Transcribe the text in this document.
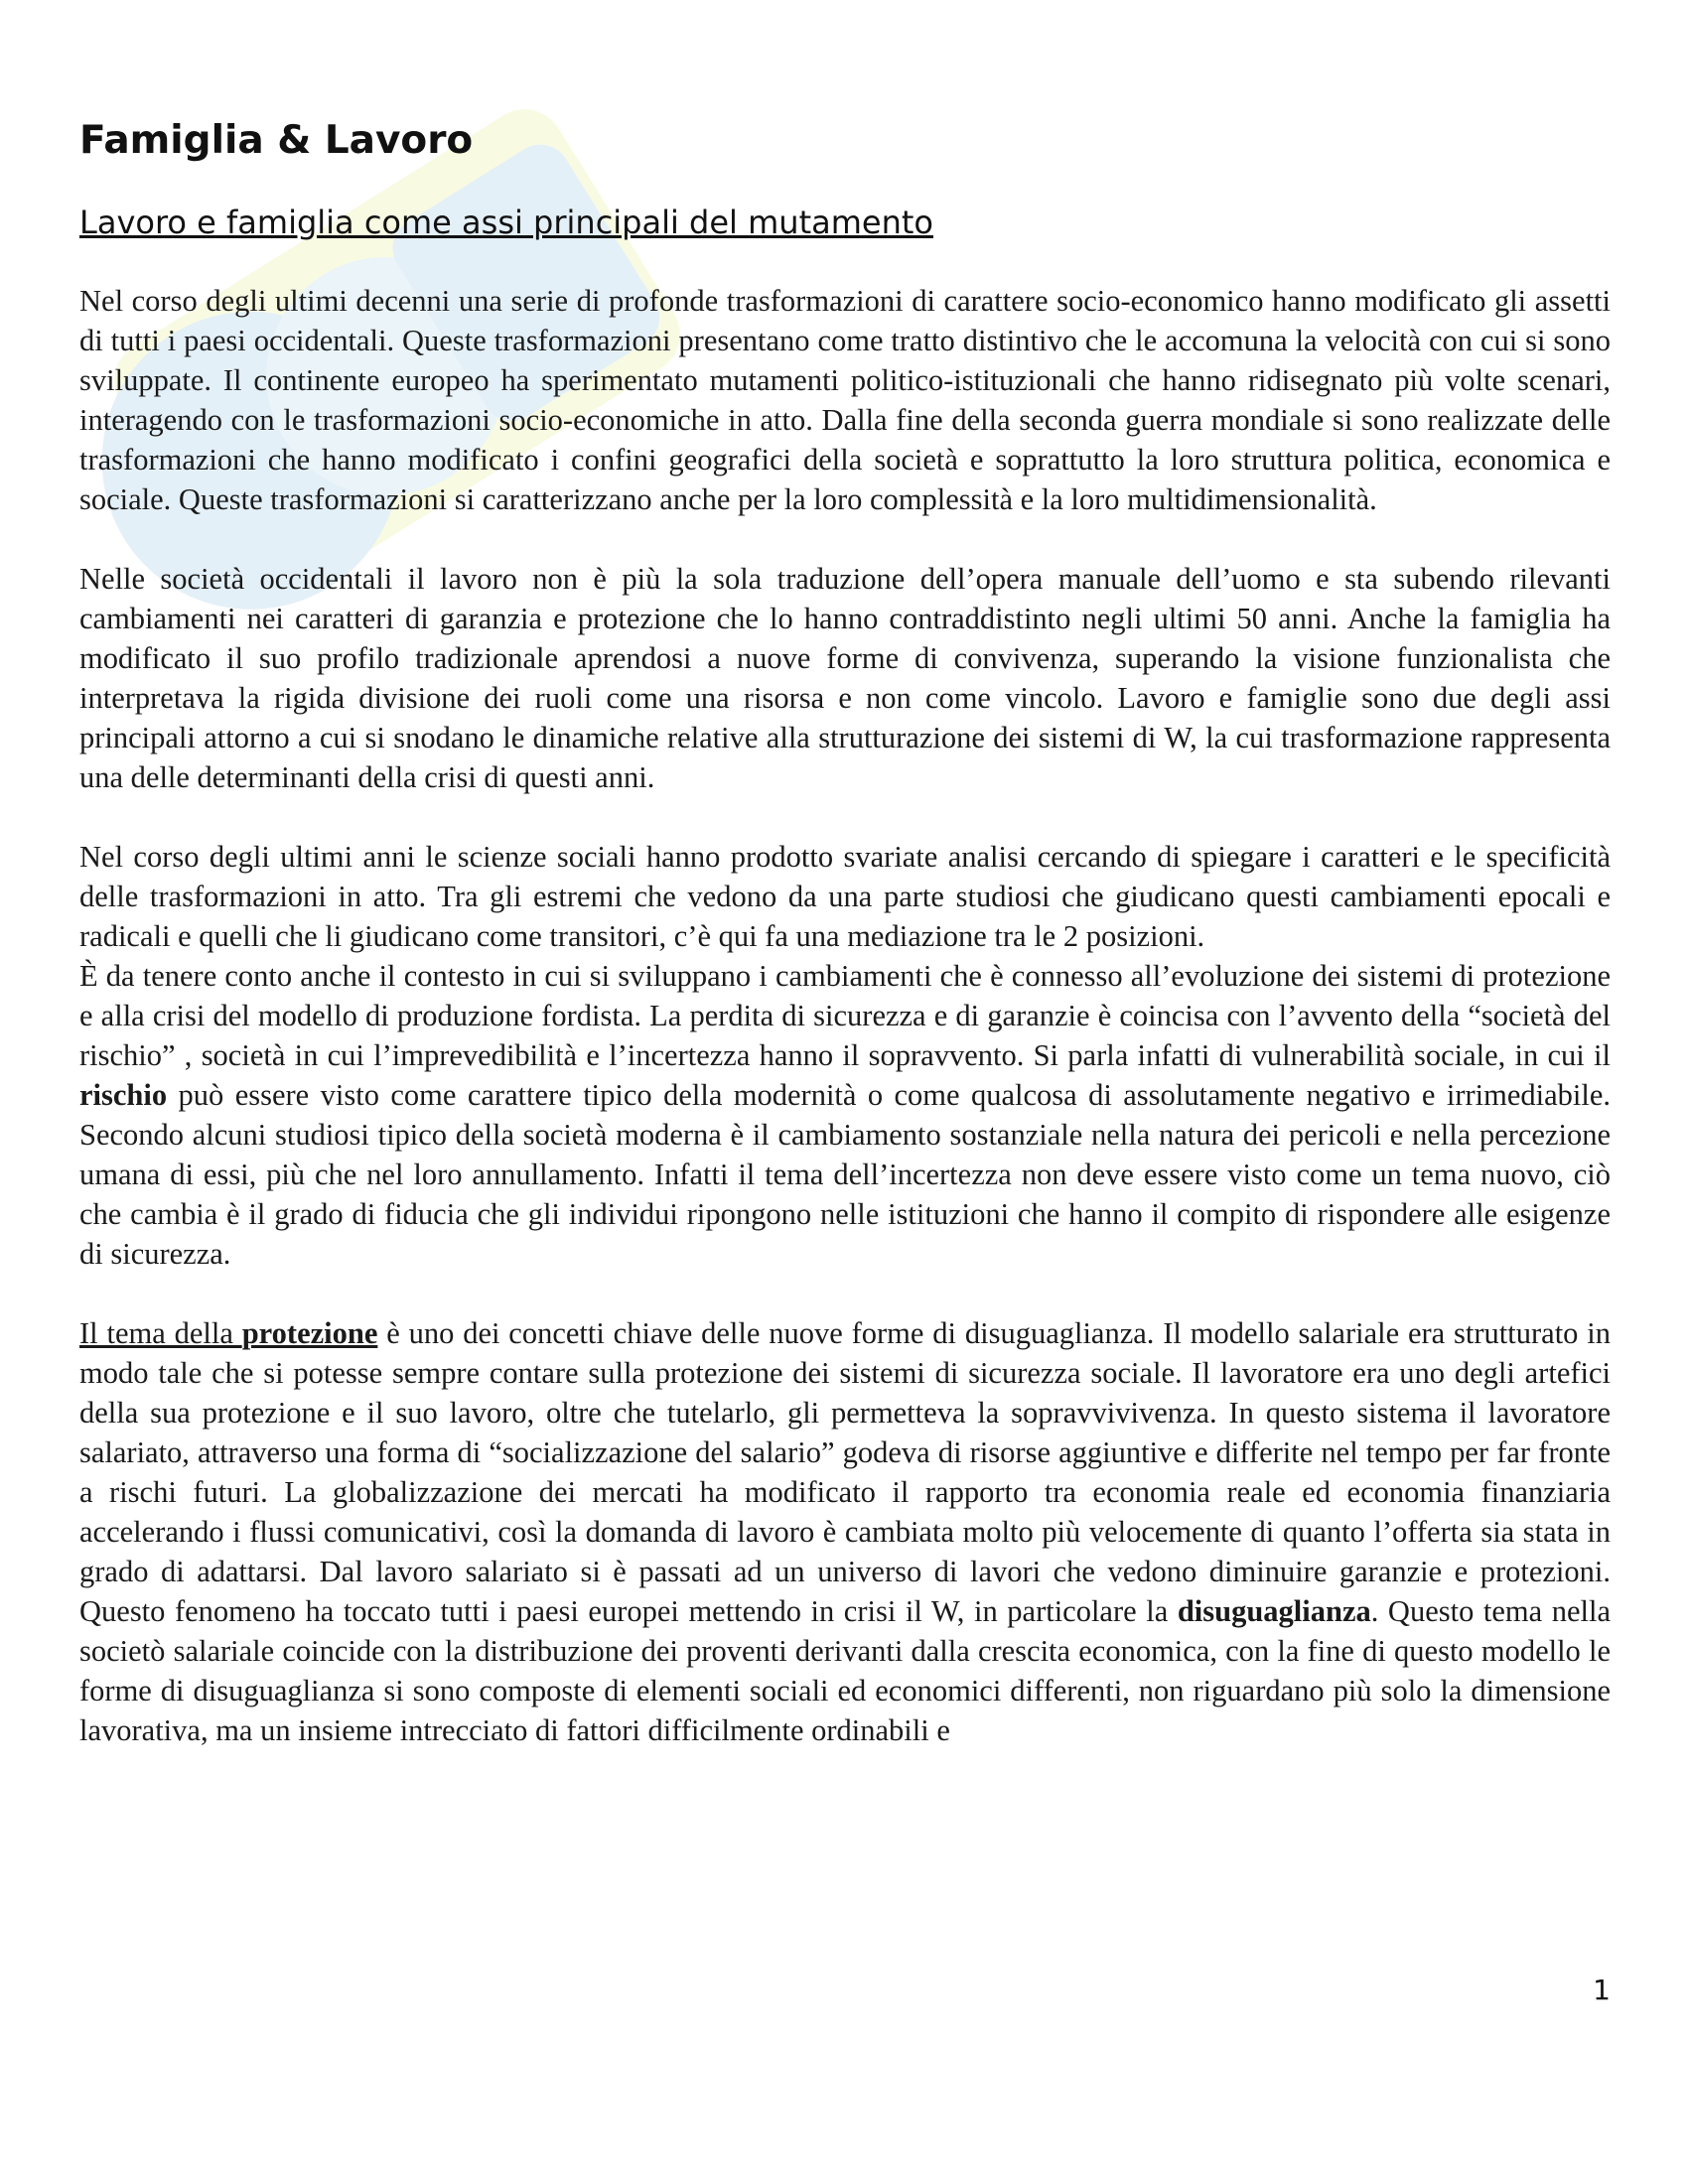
Famiglia & Lavoro
Lavoro e famiglia come assi principali del mutamento

Nel corso degli ultimi decenni una serie di profonde trasformazioni di carattere socio-economico hanno modificato gli assetti di tutti i paesi occidentali. Queste trasformazioni presentano come tratto distintivo che le accomuna la velocità con cui si sono sviluppate. Il continente europeo ha sperimentato mutamenti politico-istituzionali che hanno ridisegnato più volte scenari, interagendo con le trasformazioni socio-economiche in atto. Dalla fine della seconda guerra mondiale si sono realizzate delle trasformazioni che hanno modificato i confini geografici della società e soprattutto la loro struttura politica, economica e sociale. Queste trasformazioni si caratterizzano anche per la loro complessità e la loro multidimensionalità.

Nelle società occidentali il lavoro non è più la sola traduzione dell’opera manuale dell’uomo e sta subendo rilevanti cambiamenti nei caratteri di garanzia e protezione che lo hanno contraddistinto negli ultimi 50 anni. Anche la famiglia ha modificato il suo profilo tradizionale aprendosi a nuove forme di convivenza, superando la visione funzionalista che interpretava la rigida divisione dei ruoli come una risorsa e non come vincolo. Lavoro e famiglie sono due degli assi principali attorno a cui si snodano le dinamiche relative alla strutturazione dei sistemi di W, la cui trasformazione rappresenta una delle determinanti della crisi di questi anni.

Nel corso degli ultimi anni le scienze sociali hanno prodotto svariate analisi cercando di spiegare i caratteri e le specificità delle trasformazioni in atto. Tra gli estremi che vedono da una parte studiosi che giudicano questi cambiamenti epocali e radicali e quelli che li giudicano come transitori, c’è qui fa una mediazione tra le 2 posizioni.

È da tenere conto anche il contesto in cui si sviluppano i cambiamenti che è connesso all’evoluzione dei sistemi di protezione e alla crisi del modello di produzione fordista. La perdita di sicurezza e di garanzie è coincisa con l’avvento della “società del rischio” , società in cui l’imprevedibilità e l’incertezza hanno il sopravvento. Si parla infatti di vulnerabilità sociale, in cui il rischio può essere visto come carattere tipico della modernità o come qualcosa di assolutamente negativo e irrimediabile. Secondo alcuni studiosi tipico della società moderna è il cambiamento sostanziale nella natura dei pericoli e nella percezione umana di essi, più che nel loro annullamento. Infatti il tema dell’incertezza non deve essere visto come un tema nuovo, ciò che cambia è il grado di fiducia che gli individui ripongono nelle istituzioni che hanno il compito di rispondere alle esigenze di sicurezza.

Il tema della protezione è uno dei concetti chiave delle nuove forme di disuguaglianza. Il modello salariale era strutturato in modo tale che si potesse sempre contare sulla protezione dei sistemi di sicurezza sociale. Il lavoratore era uno degli artefici della sua protezione e il suo lavoro, oltre che tutelarlo, gli permetteva la sopravvivivenza. In questo sistema il lavoratore salariato, attraverso una forma di “socializzazione del salario” godeva di risorse aggiuntive e differite nel tempo per far fronte a rischi futuri. La globalizzazione dei mercati ha modificato il rapporto tra economia reale ed economia finanziaria accelerando i flussi comunicativi, così la domanda di lavoro è cambiata molto più velocemente di quanto l’offerta sia stata in grado di adattarsi. Dal lavoro salariato si è passati ad un universo di lavori che vedono diminuire garanzie e protezioni. Questo fenomeno ha toccato tutti i paesi europei mettendo in crisi il W, in particolare la disuguaglianza. Questo tema nella societò salariale coincide con la distribuzione dei proventi derivanti dalla crescita economica, con la fine di questo modello le forme di disuguaglianza si sono composte di elementi sociali ed economici differenti, non riguardano più solo la dimensione lavorativa, ma un insieme intrecciato di fattori difficilmente ordinabili e

1
